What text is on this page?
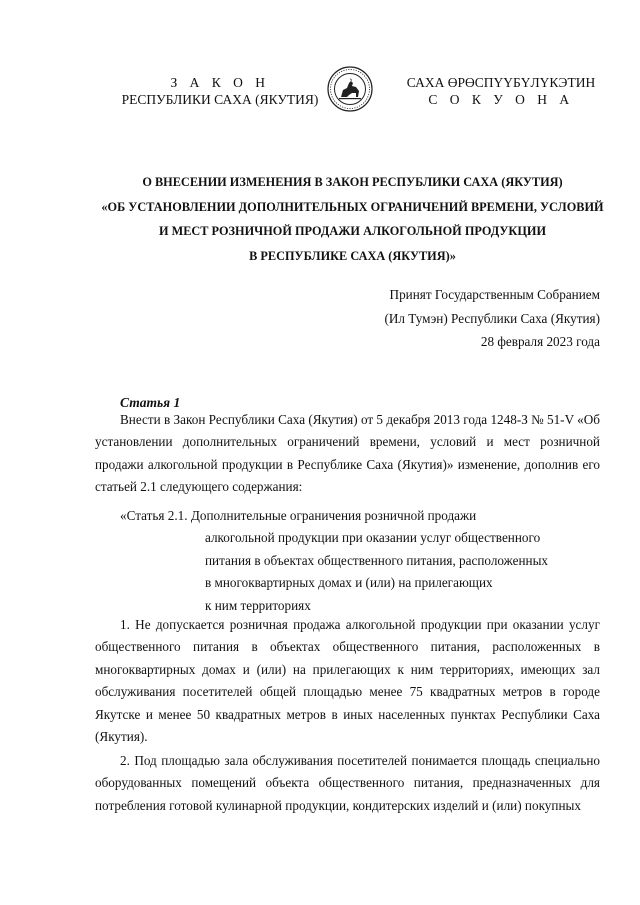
З А К О Н
РЕСПУБЛИКИ САХА (ЯКУТИЯ)
САХА ӨРӨСПҮҮБҮЛҮКЭТИН
С О К У О Н А
О ВНЕСЕНИИ ИЗМЕНЕНИЯ В ЗАКОН РЕСПУБЛИКИ САХА (ЯКУТИЯ)
«ОБ УСТАНОВЛЕНИИ ДОПОЛНИТЕЛЬНЫХ ОГРАНИЧЕНИЙ ВРЕМЕНИ, УСЛОВИЙ
И МЕСТ РОЗНИЧНОЙ ПРОДАЖИ АЛКОГОЛЬНОЙ ПРОДУКЦИИ
В РЕСПУБЛИКЕ САХА (ЯКУТИЯ)»
Принят Государственным Собранием
(Ил Тумэн) Республики Саха (Якутия)
28 февраля 2023 года
Статья 1

Внести в Закон Республики Саха (Якутия) от 5 декабря 2013 года 1248-З № 51-V «Об установлении дополнительных ограничений времени, условий и мест розничной продажи алкогольной продукции в Республике Саха (Якутия)» изменение, дополнив его статьей 2.1 следующего содержания:

«Статья 2.1. Дополнительные ограничения розничной продажи
алкогольной продукции при оказании услуг общественного
питания в объектах общественного питания, расположенных
в многоквартирных домах и (или) на прилегающих
к ним территориях

1. Не допускается розничная продажа алкогольной продукции при оказании услуг общественного питания в объектах общественного питания, расположенных в многоквартирных домах и (или) на прилегающих к ним территориях, имеющих зал обслуживания посетителей общей площадью менее 75 квадратных метров в городе Якутске и менее 50 квадратных метров в иных населенных пунктах Республики Саха (Якутия).

2. Под площадью зала обслуживания посетителей понимается площадь специально оборудованных помещений объекта общественного питания, предназначенных для потребления готовой кулинарной продукции, кондитерских изделий и (или) покупных
